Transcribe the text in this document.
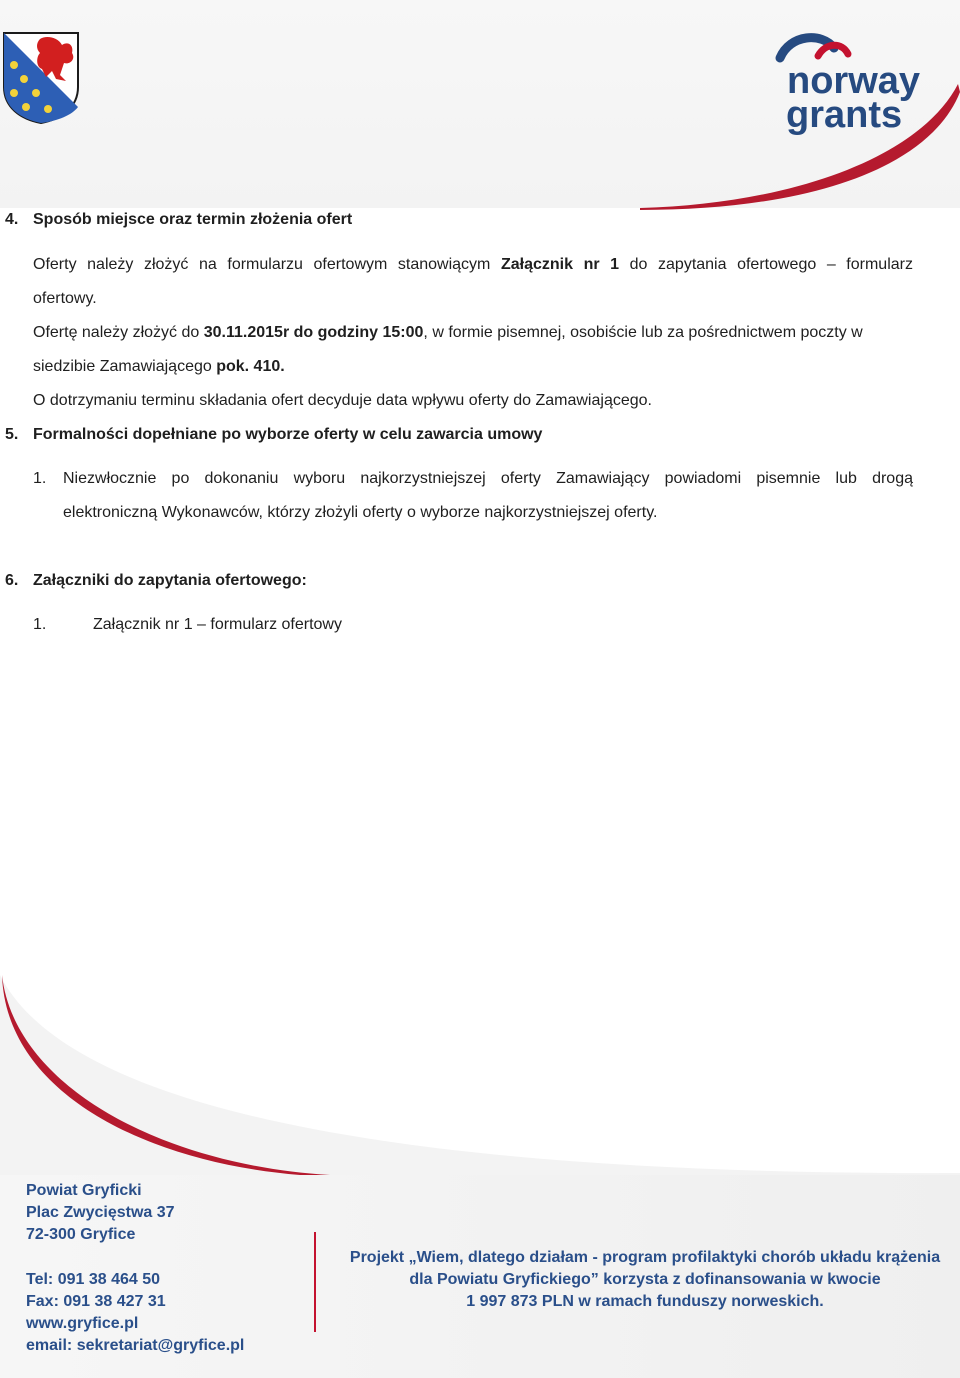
norway
grants
4. Sposób miejsce oraz termin złożenia ofert
Oferty należy złożyć na formularzu ofertowym stanowiącym Załącznik nr 1 do zapytania ofertowego – formularz
ofertowy.
Ofertę należy złożyć do 30.11.2015r do godziny 15:00, w formie pisemnej, osobiście lub za pośrednictwem poczty w
siedzibie Zamawiającego pok. 410.
O dotrzymaniu terminu składania ofert decyduje data wpływu oferty do Zamawiającego.
5. Formalności dopełniane po wyborze oferty w celu zawarcia umowy
1. Niezwłocznie po dokonaniu wyboru najkorzystniejszej oferty Zamawiający powiadomi pisemnie lub drogą
elektroniczną Wykonawców, którzy złożyli oferty o wyborze najkorzystniejszej oferty.
6. Załączniki do zapytania ofertowego:
1.	Załącznik nr 1 – formularz ofertowy
Powiat Gryficki
Plac Zwycięstwa 37
72-300 Gryfice
Tel: 091 38 464 50
Fax: 091 38 427 31
www.gryfice.pl
email: sekretariat@gryfice.pl
Projekt „Wiem, dlatego działam - program profilaktyki chorób układu krążenia
dla Powiatu Gryfickiego” korzysta z dofinansowania w kwocie
1 997 873 PLN w ramach funduszy norweskich.
